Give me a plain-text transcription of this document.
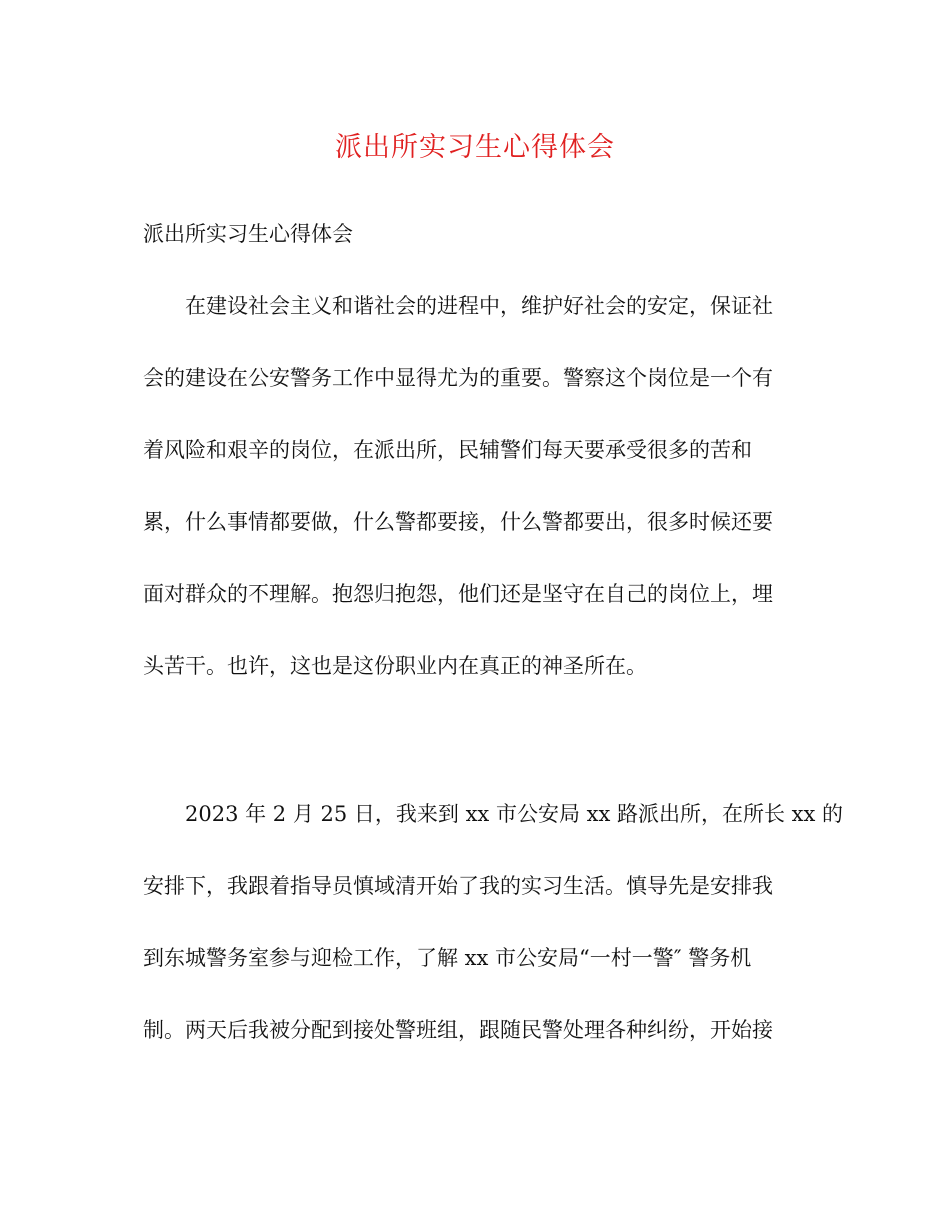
派出所实习生心得体会
派出所实习生心得体会
在建设社会主义和谐社会的进程中，维护好社会的安定，保证社
会的建设在公安警务工作中显得尤为的重要。警察这个岗位是一个有
着风险和艰辛的岗位，在派出所，民辅警们每天要承受很多的苦和
累，什么事情都要做，什么警都要接，什么警都要出，很多时候还要
面对群众的不理解。抱怨归抱怨，他们还是坚守在自己的岗位上，埋
头苦干。也许，这也是这份职业内在真正的神圣所在。
2023 年 2 月 25 日，我来到 xx 市公安局 xx 路派出所，在所长 xx 的
安排下，我跟着指导员慎域清开始了我的实习生活。慎导先是安排我
到东城警务室参与迎检工作，了解 xx 市公安局“一村一警″ 警务机
制。两天后我被分配到接处警班组，跟随民警处理各种纠纷，开始接
